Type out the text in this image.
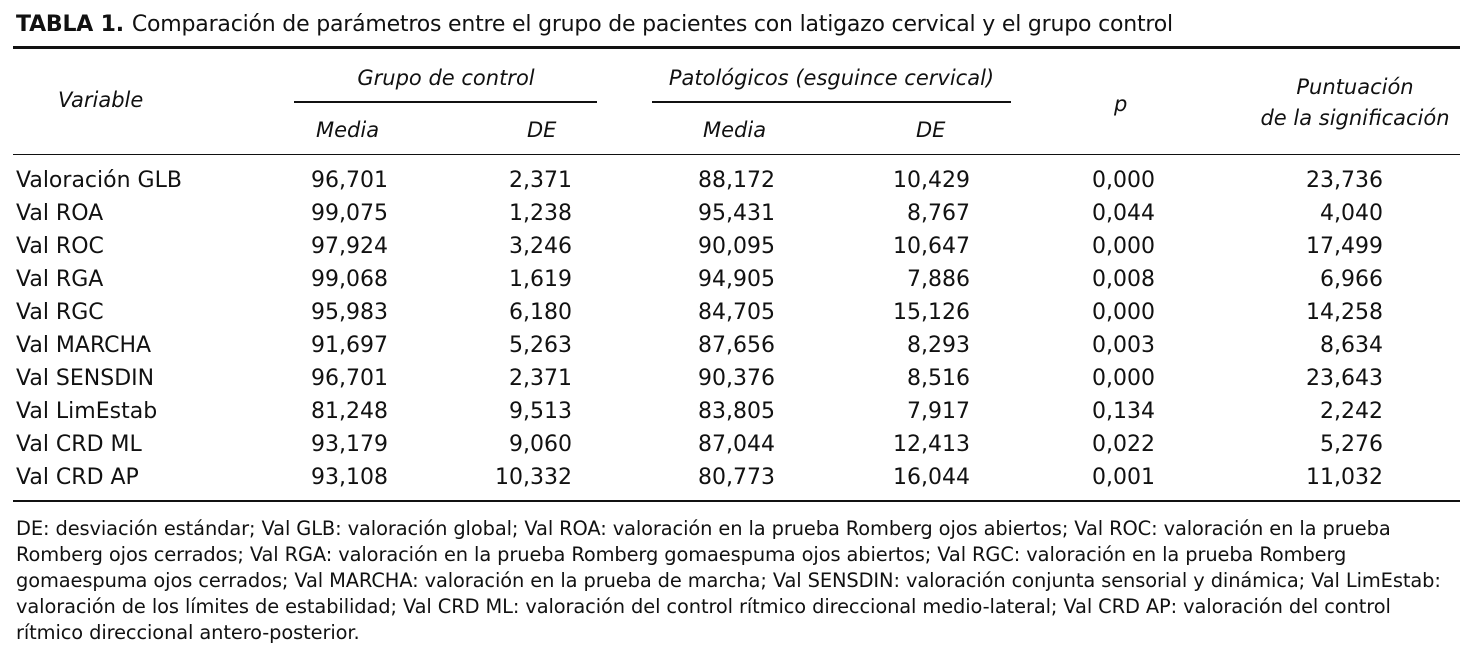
TABLA 1. Comparación de parámetros entre el grupo de pacientes con latigazo cervical y el grupo control
Variable
Grupo de control	Patológicos (esguince cervical)
Media	DE	Media	DE
p
Puntuación
de la significación
Valoración GLB	96,701	2,371	88,172	10,429	0,000	23,736
Val ROA	99,075	1,238	95,431	8,767	0,044	4,040
Val ROC	97,924	3,246	90,095	10,647	0,000	17,499
Val RGA	99,068	1,619	94,905	7,886	0,008	6,966
Val RGC	95,983	6,180	84,705	15,126	0,000	14,258
Val MARCHA	91,697	5,263	87,656	8,293	0,003	8,634
Val SENSDIN	96,701	2,371	90,376	8,516	0,000	23,643
Val LimEstab	81,248	9,513	83,805	7,917	0,134	2,242
Val CRD ML	93,179	9,060	87,044	12,413	0,022	5,276
Val CRD AP	93,108	10,332	80,773	16,044	0,001	11,032
DE: desviación estándar; Val GLB: valoración global; Val ROA: valoración en la prueba Romberg ojos abiertos; Val ROC: valoración en la prueba Romberg ojos cerrados; Val RGA: valoración en la prueba Romberg gomaespuma ojos abiertos; Val RGC: valoración en la prueba Romberg gomaespuma ojos cerrados; Val MARCHA: valoración en la prueba de marcha; Val SENSDIN: valoración conjunta sensorial y dinámica; Val LimEstab: valoración de los límites de estabilidad; Val CRD ML: valoración del control rítmico direccional medio-lateral; Val CRD AP: valoración del control rítmico direccional antero-posterior.
